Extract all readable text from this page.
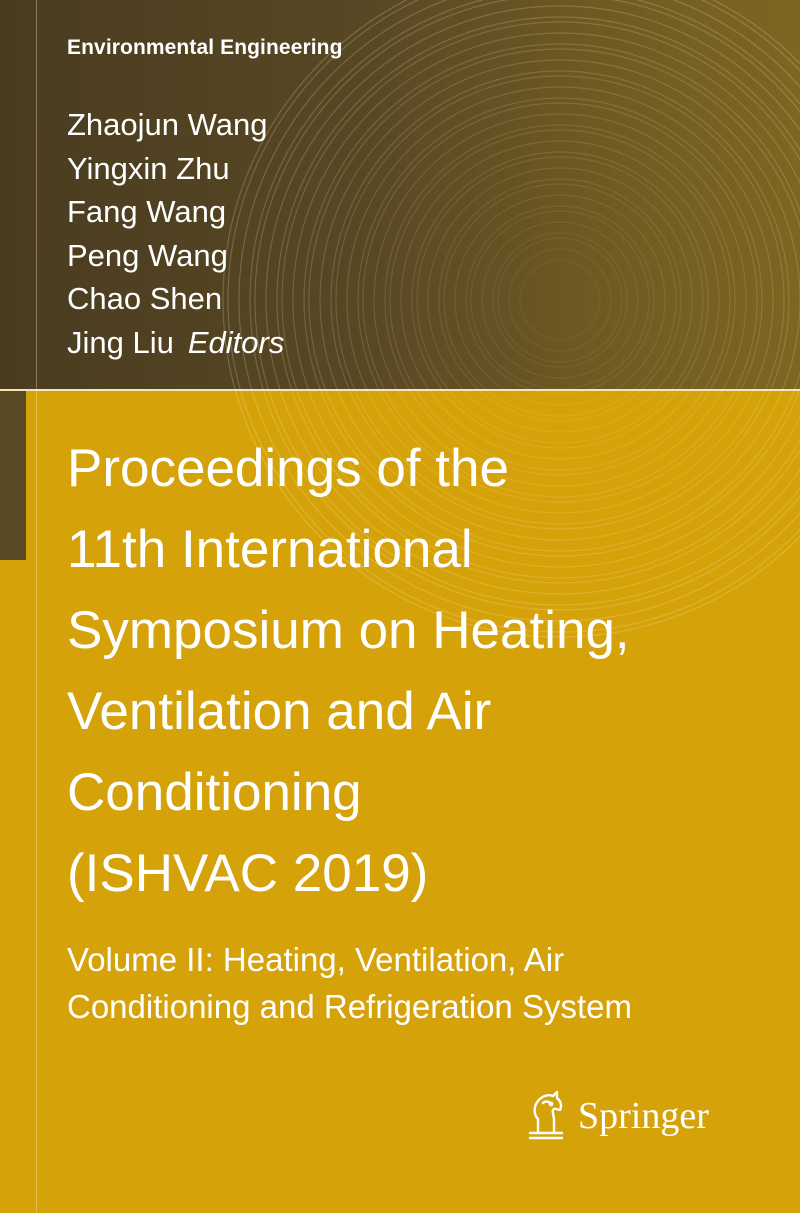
Environmental Engineering
Zhaojun Wang
Yingxin Zhu
Fang Wang
Peng Wang
Chao Shen
Jing Liu Editors
Proceedings of the
11th International
Symposium on Heating,
Ventilation and Air
Conditioning
(ISHVAC 2019)
Volume II: Heating, Ventilation, Air
Conditioning and Refrigeration System
Springer
